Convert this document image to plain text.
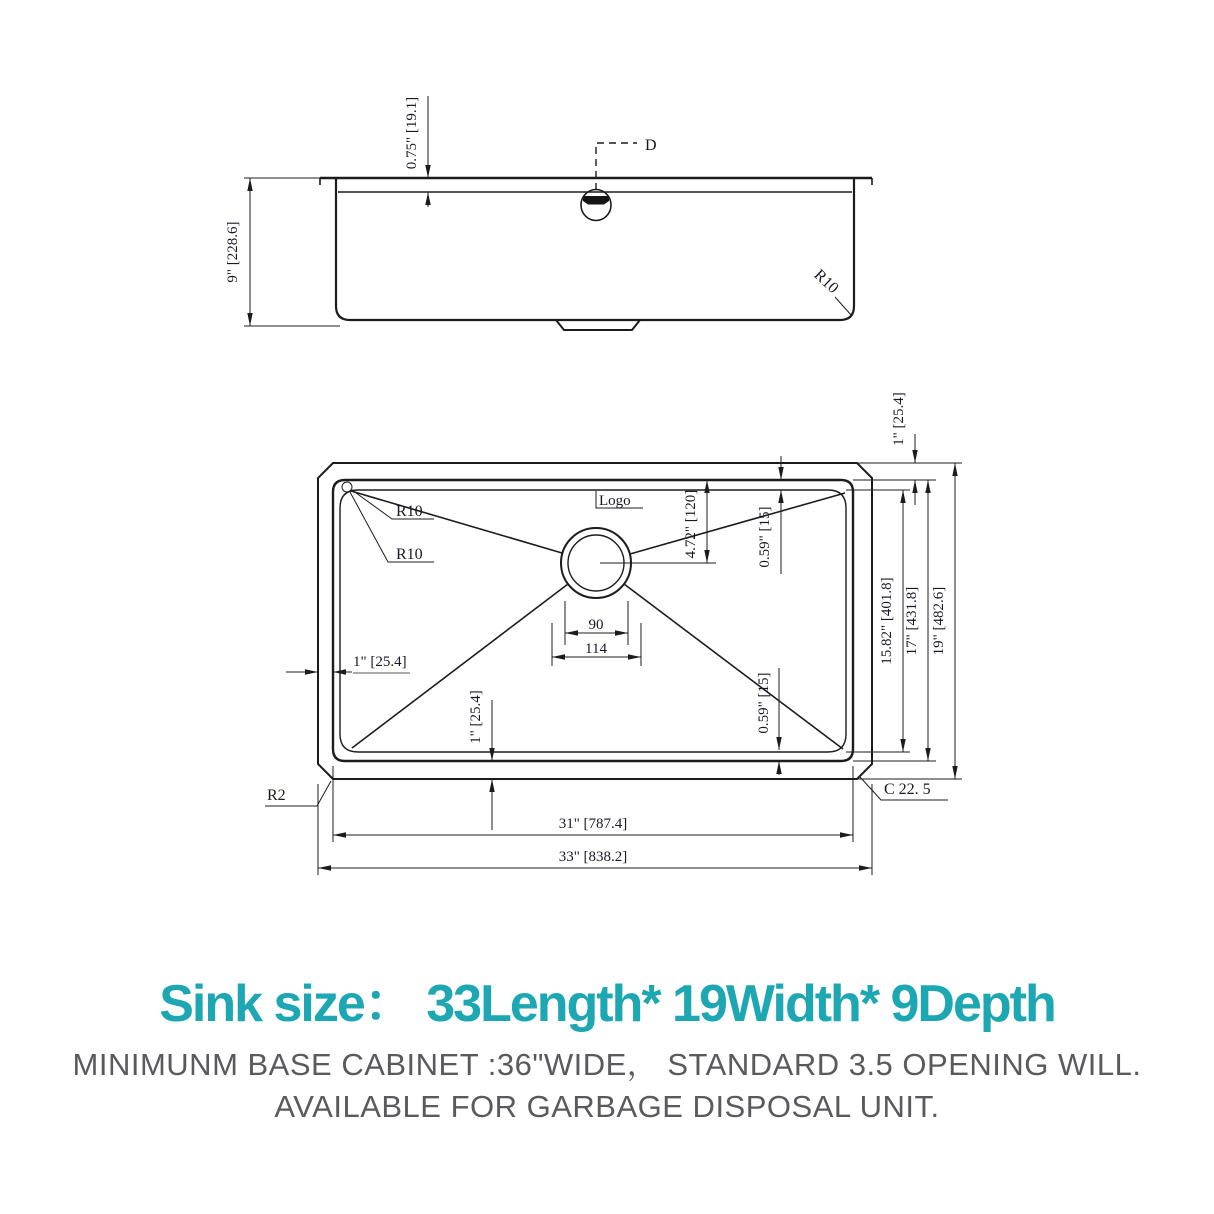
D
0.75" [19.1]
9" [228.6]	R10
Logo
R10
R10	0.59" [15]
4.72" [120]
1" [25.4]
15.82" [401.8] 17" [431.8] 19" [482.6]
0.59" [15]
1" [25.4]
1" [25.4]
90
114
31" [787.4]
33" [838.2]
R2	C 22. 5
Sink size： 33Length* 19Width* 9Depth
MINIMUNM BASE CABINET :36"WIDE， STANDARD 3.5 OPENING WILL.
AVAILABLE FOR GARBAGE DISPOSAL UNIT.
